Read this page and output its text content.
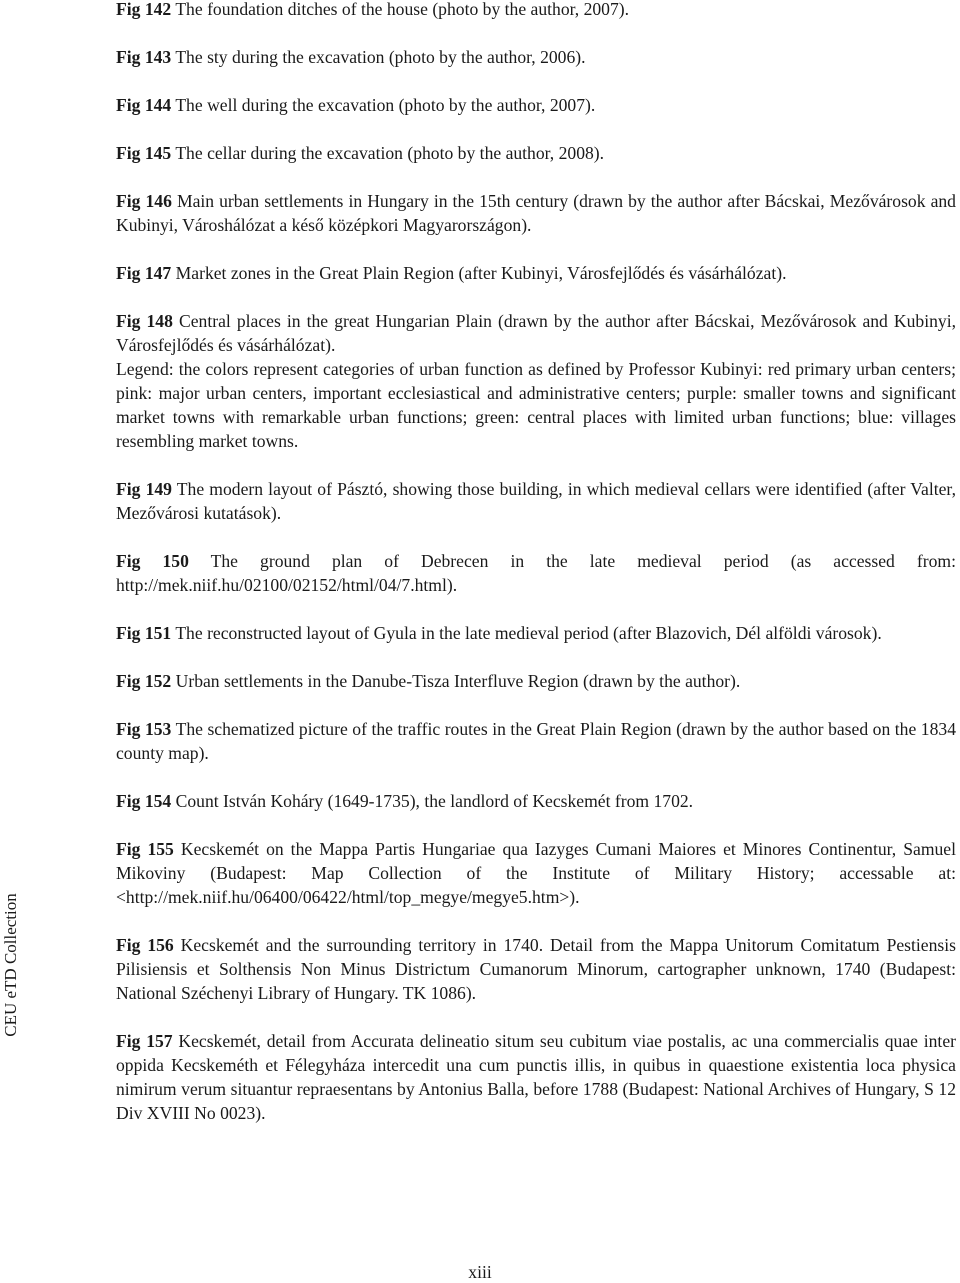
Fig 142 The foundation ditches of the house (photo by the author, 2007).

Fig 143 The sty during the excavation (photo by the author, 2006).

Fig 144 The well during the excavation (photo by the author, 2007).

Fig 145 The cellar during the excavation (photo by the author, 2008).

Fig 146 Main urban settlements in Hungary in the 15th century (drawn by the author after Bácskai, Mezővárosok and Kubinyi, Városhálózat a késő középkori Magyarországon).

Fig 147 Market zones in the Great Plain Region (after Kubinyi, Városfejlődés és vásárhálózat).

Fig 148 Central places in the great Hungarian Plain (drawn by the author after Bácskai, Mezővárosok and Kubinyi, Városfejlődés és vásárhálózat).

Legend: the colors represent categories of urban function as defined by Professor Kubinyi: red primary urban centers; pink: major urban centers, important ecclesiastical and administrative centers; purple: smaller towns and significant market towns with remarkable urban functions; green: central places with limited urban functions; blue: villages resembling market towns.

Fig 149 The modern layout of Pásztó, showing those building, in which medieval cellars were identified (after Valter, Mezővárosi kutatások).

Fig 150 The ground plan of Debrecen in the late medieval period (as accessed from: http://mek.niif.hu/02100/02152/html/04/7.html).

Fig 151 The reconstructed layout of Gyula in the late medieval period (after Blazovich, Dél alföldi városok).

Fig 152 Urban settlements in the Danube-Tisza Interfluve Region (drawn by the author).

Fig 153 The schematized picture of the traffic routes in the Great Plain Region (drawn by the author based on the 1834 county map).

Fig 154 Count István Koháry (1649-1735), the landlord of Kecskemét from 1702.

Fig 155 Kecskemét on the Mappa Partis Hungariae qua Iazyges Cumani Maiores et Minores Continentur, Samuel Mikoviny (Budapest: Map Collection of the Institute of Military History; accessable at: <http://mek.niif.hu/06400/06422/html/top_megye/megye5.htm>).

Fig 156 Kecskemét and the surrounding territory in 1740. Detail from the Mappa Unitorum Comitatum Pestiensis Pilisiensis et Solthensis Non Minus Districtum Cumanorum Minorum, cartographer unknown, 1740 (Budapest: National Széchenyi Library of Hungary. TK 1086).

Fig 157 Kecskemét, detail from Accurata delineatio situm seu cubitum viae postalis, ac una commercialis quae inter oppida Kecskeméth et Félegyháza intercedit una cum punctis illis, in quibus in quaestione existentia loca physica nimirum verum situantur repraesentans by Antonius Balla, before 1788 (Budapest: National Archives of Hungary, S 12 Div XVIII No 0023).

CEU eTD Collection
xiii
